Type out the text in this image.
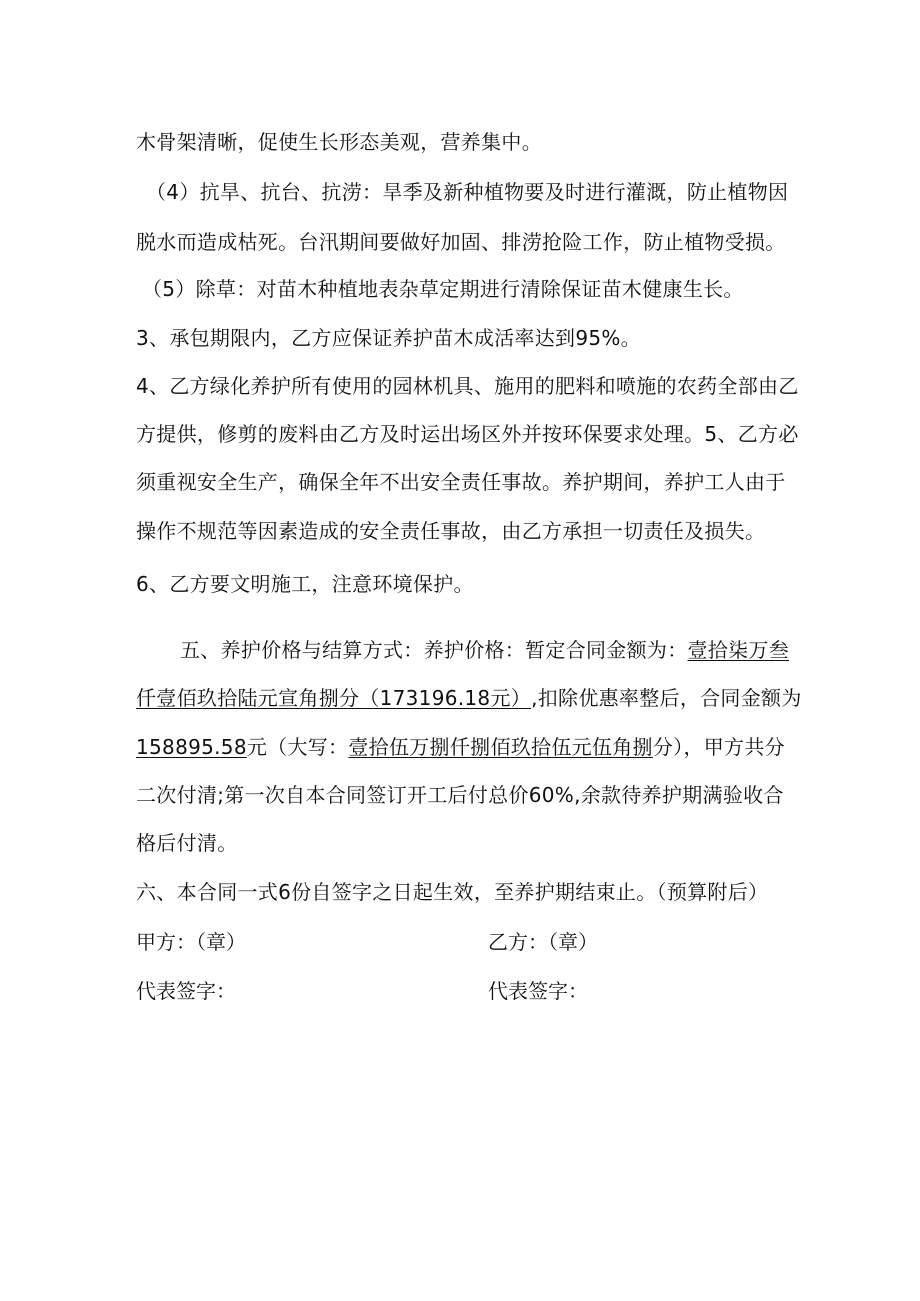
木骨架清晰，促使生长形态美观，营养集中。
（4）抗旱、抗台、抗涝：旱季及新种植物要及时进行灌溉，防止植物因
脱水而造成枯死。台汛期间要做好加固、排涝抢险工作，防止植物受损。
（5）除草：对苗木种植地表杂草定期进行清除保证苗木健康生长。
3、承包期限内，乙方应保证养护苗木成活率达到95%。
4、乙方绿化养护所有使用的园林机具、施用的肥料和喷施的农药全部由乙
方提供，修剪的废料由乙方及时运出场区外并按环保要求处理。5、乙方必
须重视安全生产，确保全年不出安全责任事故。养护期间，养护工人由于
操作不规范等因素造成的安全责任事故，由乙方承担一切责任及损失。
6、乙方要文明施工，注意环境保护。
五、养护价格与结算方式：养护价格：暂定合同金额为：壹拾柒万叁
仟壹佰玖拾陆元宣角捌分（173196.18元）,扣除优惠率整后，合同金额为
158895.58元（大写：壹拾伍万捌仟捌佰玖拾伍元伍角捌分），甲方共分
二次付清;第一次自本合同签订开工后付总价60%,余款待养护期满验收合
格后付清。
六、本合同一式6份自签字之日起生效，至养护期结束止。（预算附后）
甲方：（章）	乙方：（章）
代表签字：	代表签字：
